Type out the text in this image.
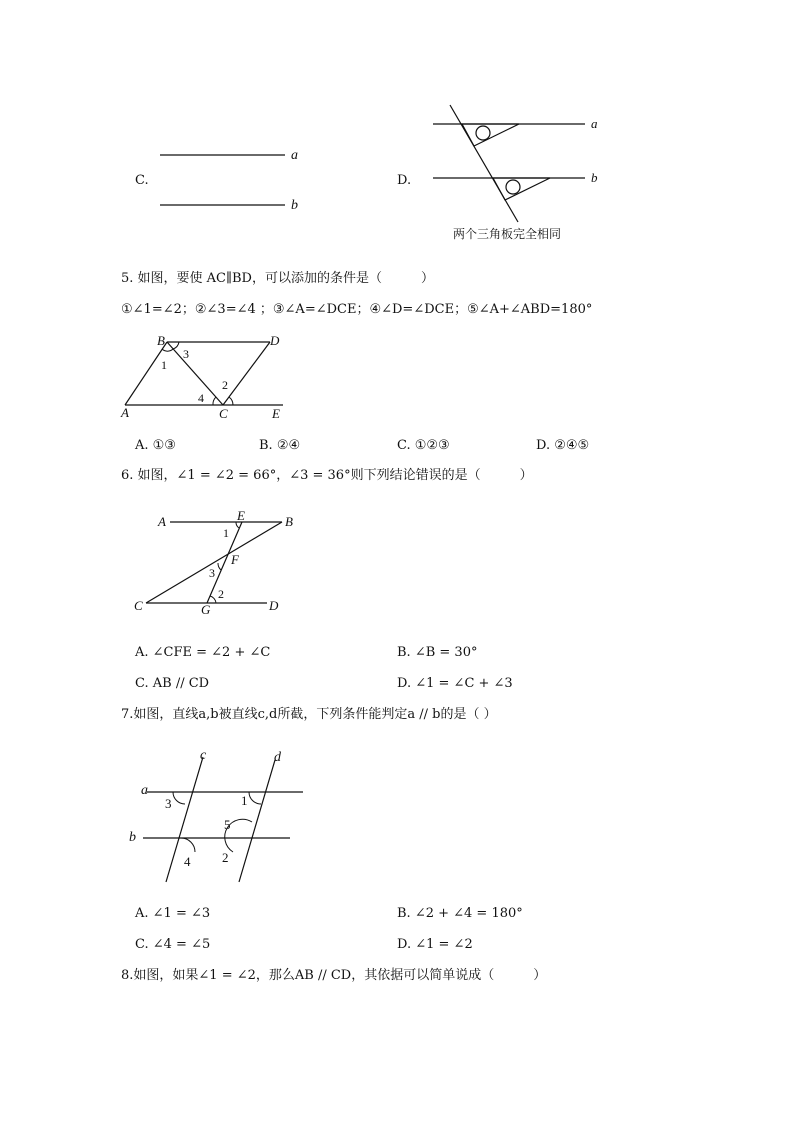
C.
a
b
D.
a
b
两个三角板完全相同
5. 如图，要使 AC∥BD，可以添加的条件是（　　　）
①∠1=∠2；②∠3=∠4 ；③∠A=∠DCE；④∠D=∠DCE；⑤∠A+∠ABD=180°
B	D
A	C	E
1
3
2
4
A. ①③	B. ②④	C. ①②③	D. ②④⑤
6. 如图，∠1 = ∠2 = 66°，∠3 = 36°则下列结论错误的是（　　　）
A	E	B
F
C	G	D
1
2
3
A. ∠CFE = ∠2 + ∠C	B. ∠B = 30°
C. AB // CD	D. ∠1 = ∠C + ∠3
7.如图，直线a,b被直线c,d所截，下列条件能判定a // b的是（ ）
a
b
c	d
3	1
5
2
4
A. ∠1 = ∠3	B. ∠2 + ∠4 = 180°
C. ∠4 = ∠5	D. ∠1 = ∠2
8.如图，如果∠1 = ∠2，那么AB // CD，其依据可以简单说成（　　　）
